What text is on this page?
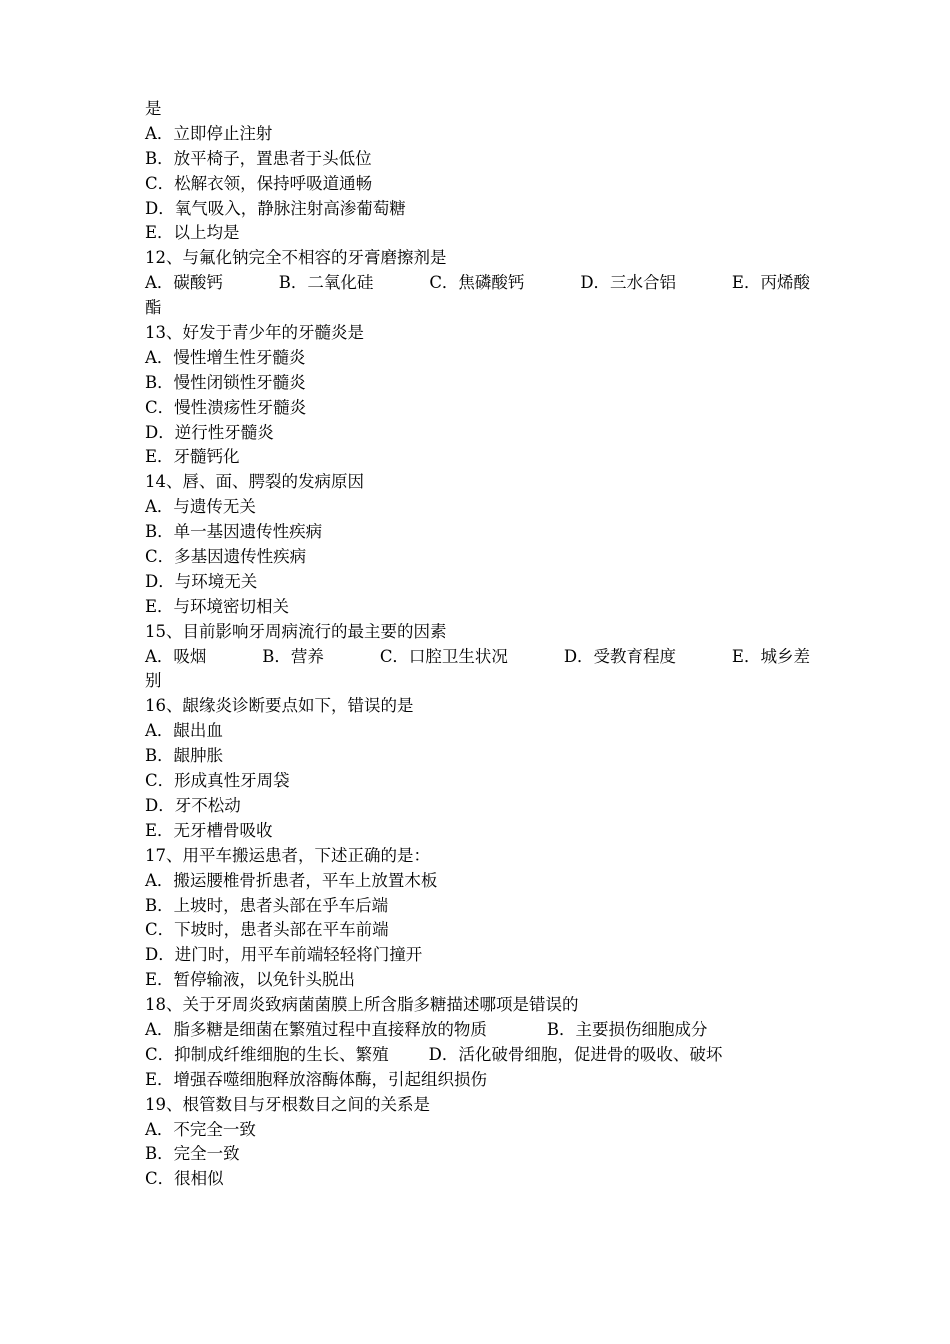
是
A．立即停止注射
B．放平椅子，置患者于头低位
C．松解衣领，保持呼吸道通畅
D．氧气吸入，静脉注射高渗葡萄糖
E．以上均是
12、与氟化钠完全不相容的牙膏磨擦剂是
A．碳酸钙	B．二氧化硅	C．焦磷酸钙	D．三水合铝	E．丙烯酸
酯
13、好发于青少年的牙髓炎是
A．慢性增生性牙髓炎
B．慢性闭锁性牙髓炎
C．慢性溃疡性牙髓炎
D．逆行性牙髓炎
E．牙髓钙化
14、唇、面、腭裂的发病原因
A．与遗传无关
B．单一基因遗传性疾病
C．多基因遗传性疾病
D．与环境无关
E．与环境密切相关
15、目前影响牙周病流行的最主要的因素
A．吸烟	B．营养	C．口腔卫生状况	D．受教育程度	E．城乡差
别
16、龈缘炎诊断要点如下，错误的是
A．龈出血
B．龈肿胀
C．形成真性牙周袋
D．牙不松动
E．无牙槽骨吸收
17、用平车搬运患者，下述正确的是：
A．搬运腰椎骨折患者，平车上放置木板
B．上坡时，患者头部在乎车后端
C．下坡时，患者头部在平车前端
D．进门时，用平车前端轻轻将门撞开
E．暂停输液，以免针头脱出
18、关于牙周炎致病菌菌膜上所含脂多糖描述哪项是错误的
A．脂多糖是细菌在繁殖过程中直接释放的物质	B．主要损伤细胞成分
C．抑制成纤维细胞的生长、繁殖 D．活化破骨细胞，促进骨的吸收、破坏
E．增强吞噬细胞释放溶酶体酶，引起组织损伤
19、根管数目与牙根数目之间的关系是
A．不完全一致
B．完全一致
C．很相似
